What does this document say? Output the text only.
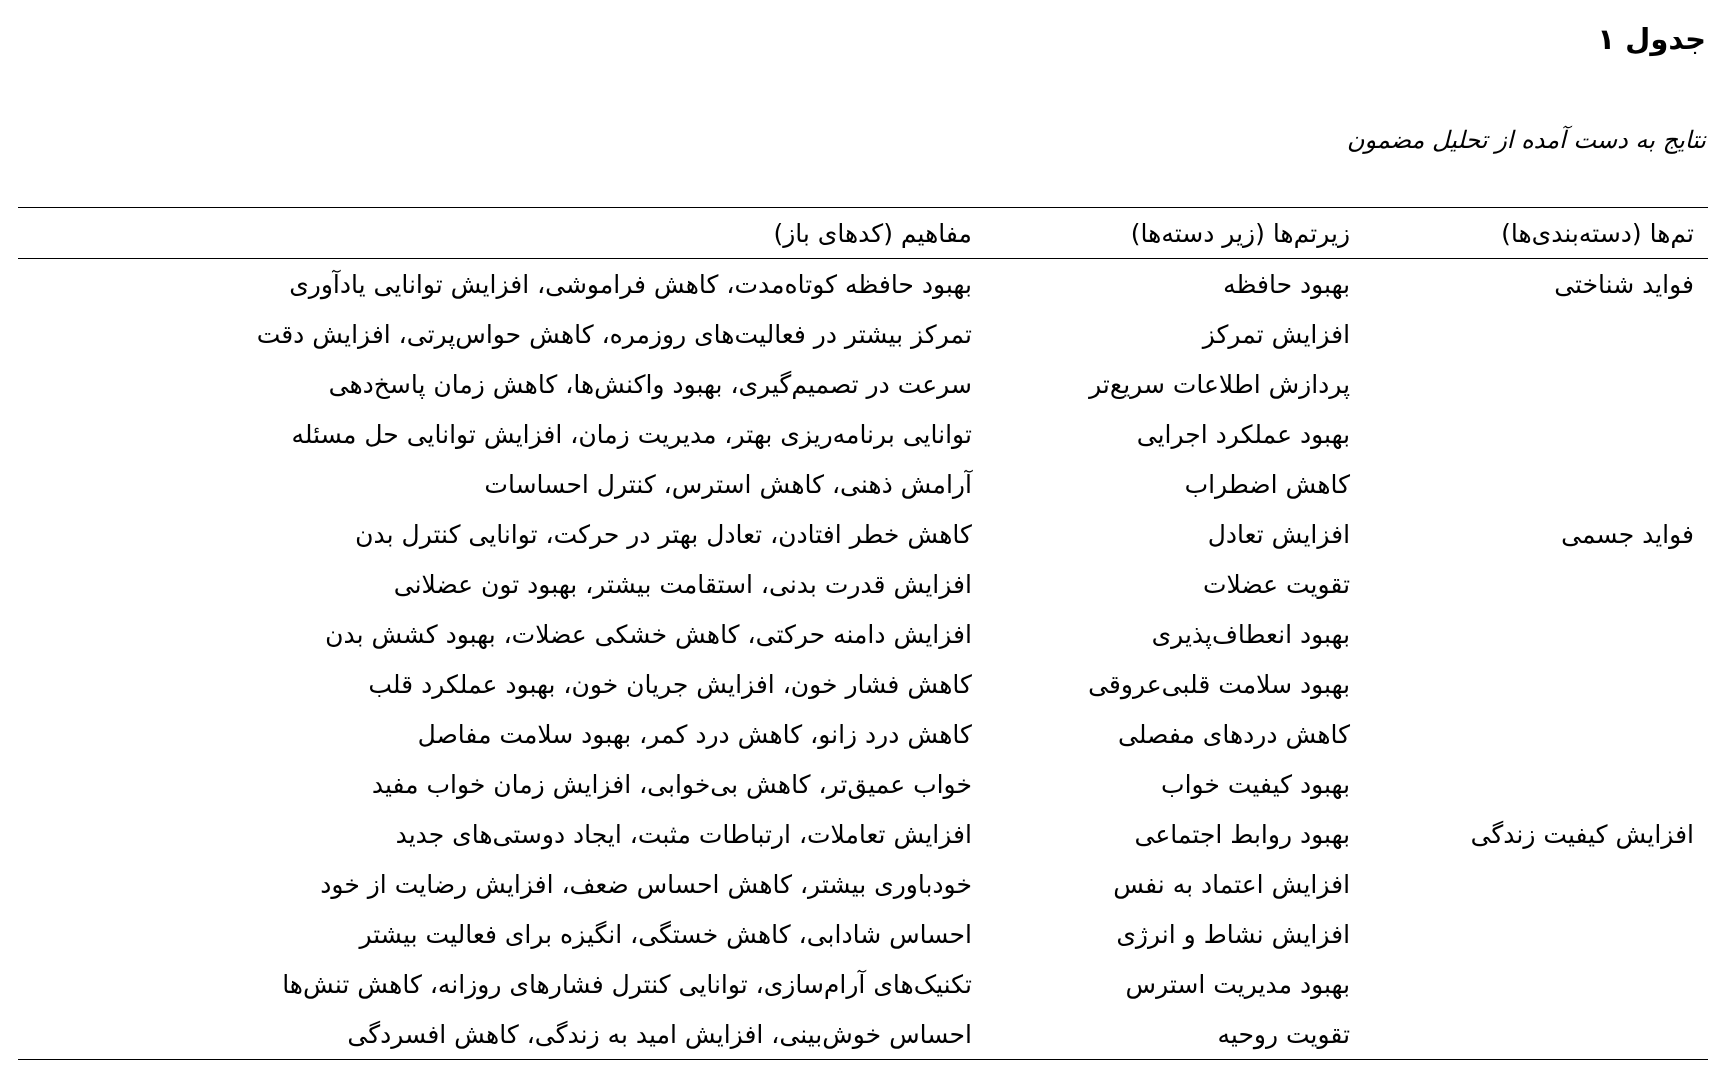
جدول ۱

نتایج به دست آمده از تحلیل مضمون

تم‌ها (دسته‌بندی‌ها)	زیرتم‌ها (زیر دسته‌ها)	مفاهیم (کدهای باز)
فواید شناختی	بهبود حافظه	بهبود حافظه کوتاه‌مدت، کاهش فراموشی، افزایش توانایی یادآوری
	افزایش تمرکز	تمرکز بیشتر در فعالیت‌های روزمره، کاهش حواس‌پرتی، افزایش دقت
	پردازش اطلاعات سریع‌تر	سرعت در تصمیم‌گیری، بهبود واکنش‌ها، کاهش زمان پاسخ‌دهی
	بهبود عملکرد اجرایی	توانایی برنامه‌ریزی بهتر، مدیریت زمان، افزایش توانایی حل مسئله
	کاهش اضطراب	آرامش ذهنی، کاهش استرس، کنترل احساسات
فواید جسمی	افزایش تعادل	کاهش خطر افتادن، تعادل بهتر در حرکت، توانایی کنترل بدن
	تقویت عضلات	افزایش قدرت بدنی، استقامت بیشتر، بهبود تون عضلانی
	بهبود انعطاف‌پذیری	افزایش دامنه حرکتی، کاهش خشکی عضلات، بهبود کشش بدن
	بهبود سلامت قلبی‌عروقی	کاهش فشار خون، افزایش جریان خون، بهبود عملکرد قلب
	کاهش دردهای مفصلی	کاهش درد زانو، کاهش درد کمر، بهبود سلامت مفاصل
	بهبود کیفیت خواب	خواب عمیق‌تر، کاهش بی‌خوابی، افزایش زمان خواب مفید
افزایش کیفیت زندگی	بهبود روابط اجتماعی	افزایش تعاملات، ارتباطات مثبت، ایجاد دوستی‌های جدید
	افزایش اعتماد به نفس	خودباوری بیشتر، کاهش احساس ضعف، افزایش رضایت از خود
	افزایش نشاط و انرژی	احساس شادابی، کاهش خستگی، انگیزه برای فعالیت بیشتر
	بهبود مدیریت استرس	تکنیک‌های آرام‌سازی، توانایی کنترل فشارهای روزانه، کاهش تنش‌ها
	تقویت روحیه	احساس خوش‌بینی، افزایش امید به زندگی، کاهش افسردگی
